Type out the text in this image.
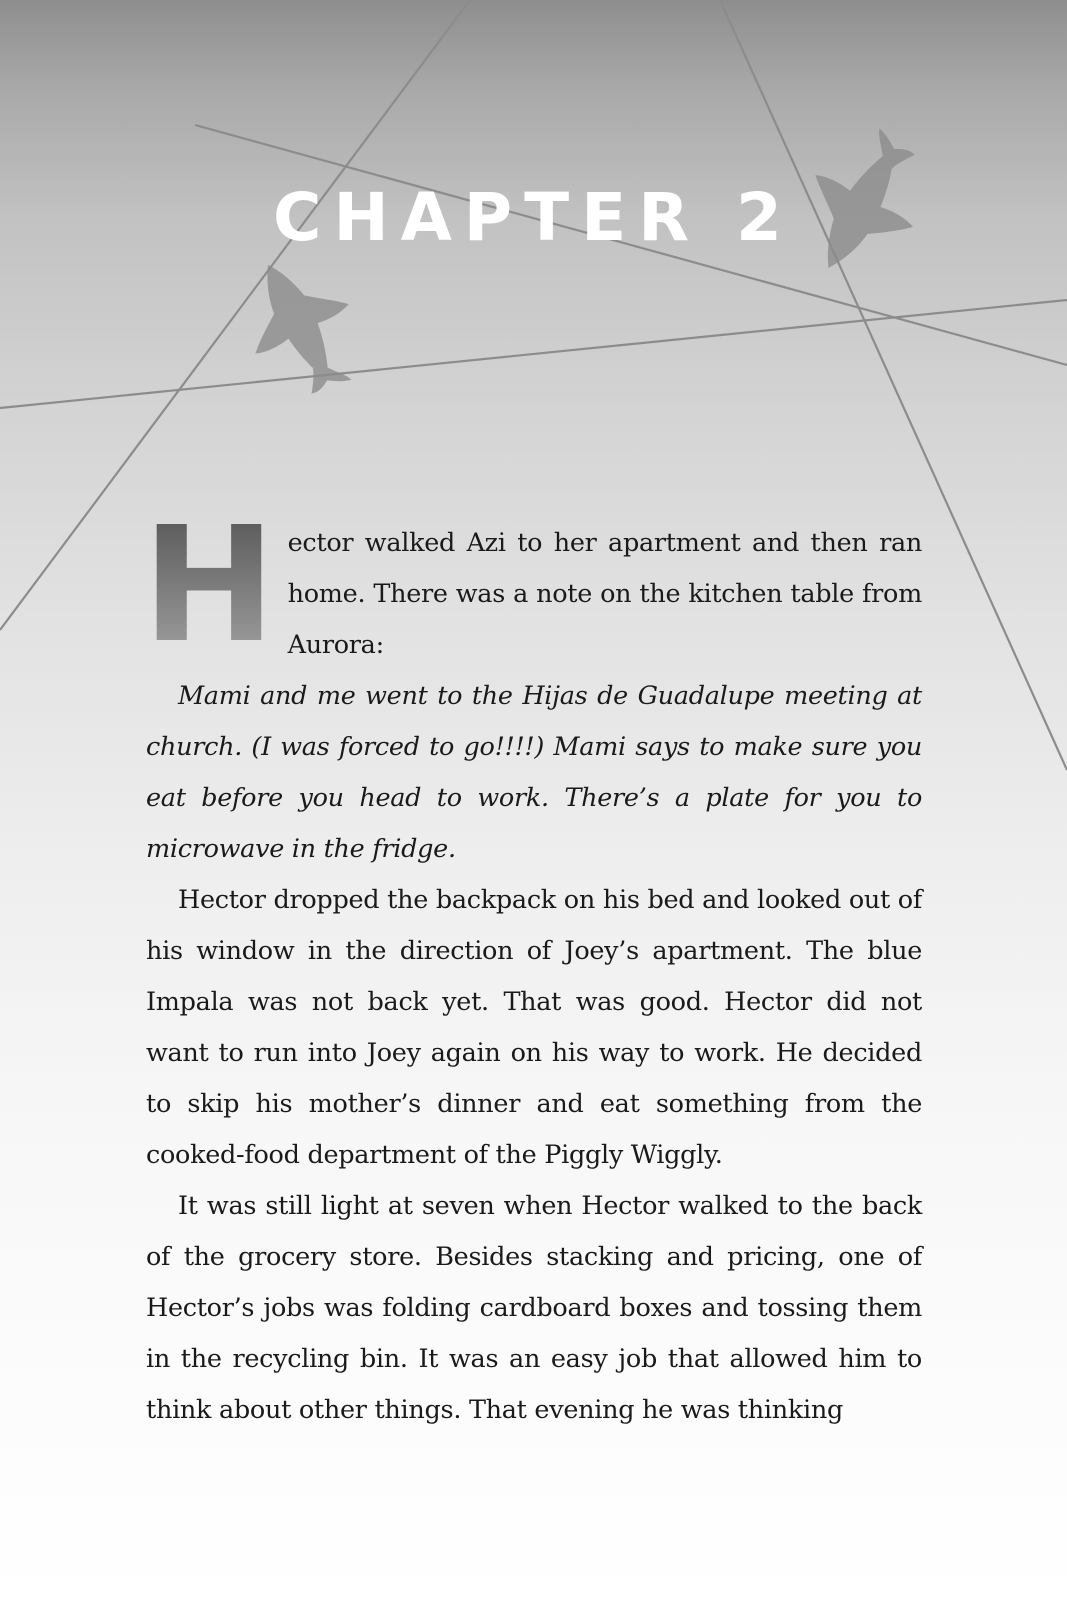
CHAPTER 2

H ector walked Azi to her apartment and then ran home. There was a note on the kitchen table from Aurora:

Mami and me went to the Hijas de Guadalupe meeting at church. (I was forced to go!!!!) Mami says to make sure you eat before you head to work. There’s a plate for you to microwave in the fridge.

Hector dropped the backpack on his bed and looked out of his window in the direction of Joey’s apartment. The blue Impala was not back yet. That was good. Hector did not want to run into Joey again on his way to work. He decided to skip his mother’s dinner and eat something from the cooked-food department of the Piggly Wiggly.

It was still light at seven when Hector walked to the back of the grocery store. Besides stacking and pricing, one of Hector’s jobs was folding cardboard boxes and tossing them in the recycling bin. It was an easy job that allowed him to think about other things. That evening he was thinking
